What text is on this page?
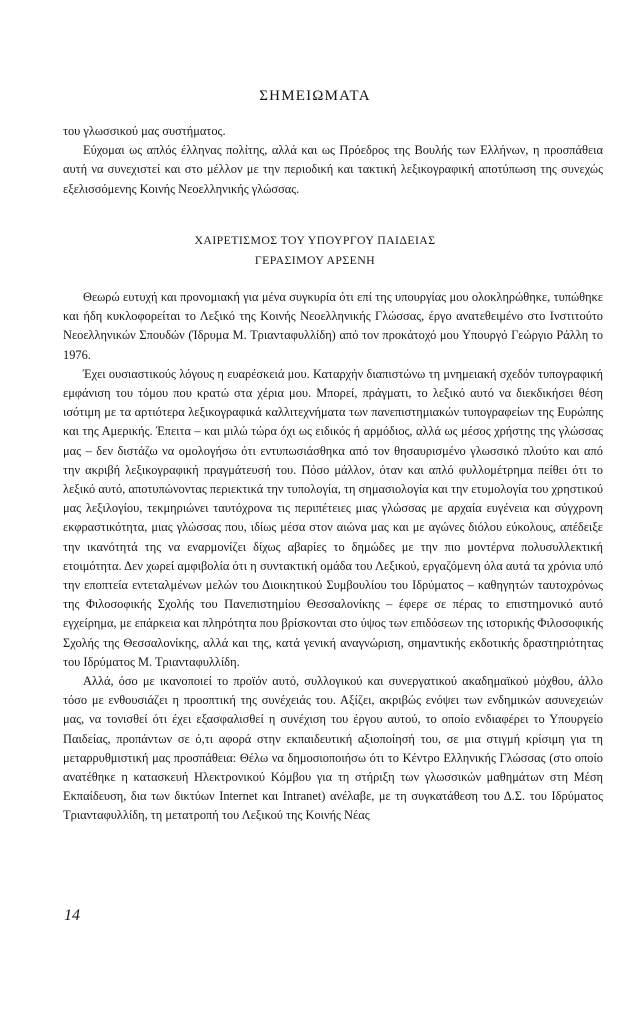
ΣΗΜΕΙΩΜΑΤΑ

του γλωσσικού μας συστήματος.

Εύχομαι ως απλός έλληνας πολίτης, αλλά και ως Πρόεδρος της Βουλής των Ελλήνων, η προσπάθεια αυτή να συνεχιστεί και στο μέλλον με την περιοδική και τακτική λεξικογραφική αποτύπωση της συνεχώς εξελισσόμενης Κοινής Νεοελληνικής γλώσσας.

ΧΑΙΡΕΤΙΣΜΟΣ ΤΟΥ ΥΠΟΥΡΓΟΥ ΠΑΙΔΕΙΑΣ
ΓΕΡΑΣΙΜΟΥ ΑΡΣΕΝΗ

Θεωρώ ευτυχή και προνομιακή για μένα συγκυρία ότι επί της υπουργίας μου ολοκληρώθηκε, τυπώθηκε και ήδη κυκλοφορείται το Λεξικό της Κοινής Νεοελληνικής Γλώσσας, έργο ανατεθειμένο στο Ινστιτούτο Νεοελληνικών Σπουδών (Ίδρυμα Μ. Τριανταφυλλίδη) από τον προκάτοχό μου Υπουργό Γεώργιο Ράλλη το 1976.

Έχει ουσιαστικούς λόγους η ευαρέσκειά μου. Καταρχήν διαπιστώνω τη μνημειακή σχεδόν τυπογραφική εμφάνιση του τόμου που κρατώ στα χέρια μου. Μπορεί, πράγματι, το λεξικό αυτό να διεκδικήσει θέση ισότιμη με τα αρτιότερα λεξικογραφικά καλλιτεχνήματα των πανεπιστημιακών τυπογραφείων της Ευρώπης και της Αμερικής. Έπειτα – και μιλώ τώρα όχι ως ειδικός ή αρμόδιος, αλλά ως μέσος χρήστης της γλώσσας μας – δεν διστάζω να ομολογήσω ότι εντυπωσιάσθηκα από τον θησαυρισμένο γλωσσικό πλούτο και από την ακριβή λεξικογραφική πραγμάτευσή του. Πόσο μάλλον, όταν και απλό φυλλομέτρημα πείθει ότι το λεξικό αυτό, αποτυπώνοντας περιεκτικά την τυπολογία, τη σημασιολογία και την ετυμολογία του χρηστικού μας λεξιλογίου, τεκμηριώνει ταυτόχρονα τις περιπέτειες μιας γλώσσας με αρχαία ευγένεια και σύγχρονη εκφραστικότητα, μιας γλώσσας που, ιδίως μέσα στον αιώνα μας και με αγώνες διόλου εύκολους, απέδειξε την ικανότητά της να εναρμονίζει δίχως αβαρίες το δημώδες με την πιο μοντέρνα πολυσυλλεκτική ετοιμότητα. Δεν χωρεί αμφιβολία ότι η συντακτική ομάδα του Λεξικού, εργαζόμενη όλα αυτά τα χρόνια υπό την εποπτεία εντεταλμένων μελών του Διοικητικού Συμβουλίου του Ιδρύματος – καθηγητών ταυτοχρόνως της Φιλοσοφικής Σχολής του Πανεπιστημίου Θεσσαλονίκης – έφερε σε πέρας το επιστημονικό αυτό εγχείρημα, με επάρκεια και πληρότητα που βρίσκονται στο ύψος των επιδόσεων της ιστορικής Φιλοσοφικής Σχολής της Θεσσαλονίκης, αλλά και της, κατά γενική αναγνώριση, σημαντικής εκδοτικής δραστηριότητας του Ιδρύματος Μ. Τριανταφυλλίδη.

Αλλά, όσο με ικανοποιεί το προϊόν αυτό, συλλογικού και συνεργατικού ακαδημαϊκού μόχθου, άλλο τόσο με ενθουσιάζει η προοπτική της συνέχειάς του. Αξίζει, ακριβώς ενόψει των ενδημικών ασυνεχειών μας, να τονισθεί ότι έχει εξασφαλισθεί η συνέχιση του έργου αυτού, το οποίο ενδιαφέρει το Υπουργείο Παιδείας, προπάντων σε ό,τι αφορά στην εκπαιδευτική αξιοποίησή του, σε μια στιγμή κρίσιμη για τη μεταρρυθμιστική μας προσπάθεια: Θέλω να δημοσιοποιήσω ότι το Κέντρο Ελληνικής Γλώσσας (στο οποίο ανατέθηκε η κατασκευή Ηλεκτρονικού Κόμβου για τη στήριξη των γλωσσικών μαθημάτων στη Μέση Εκπαίδευση, δια των δικτύων Internet και Intranet) ανέλαβε, με τη συγκατάθεση του Δ.Σ. του Ιδρύματος Τριανταφυλλίδη, τη μετατροπή του Λεξικού της Κοινής Νέας

14
